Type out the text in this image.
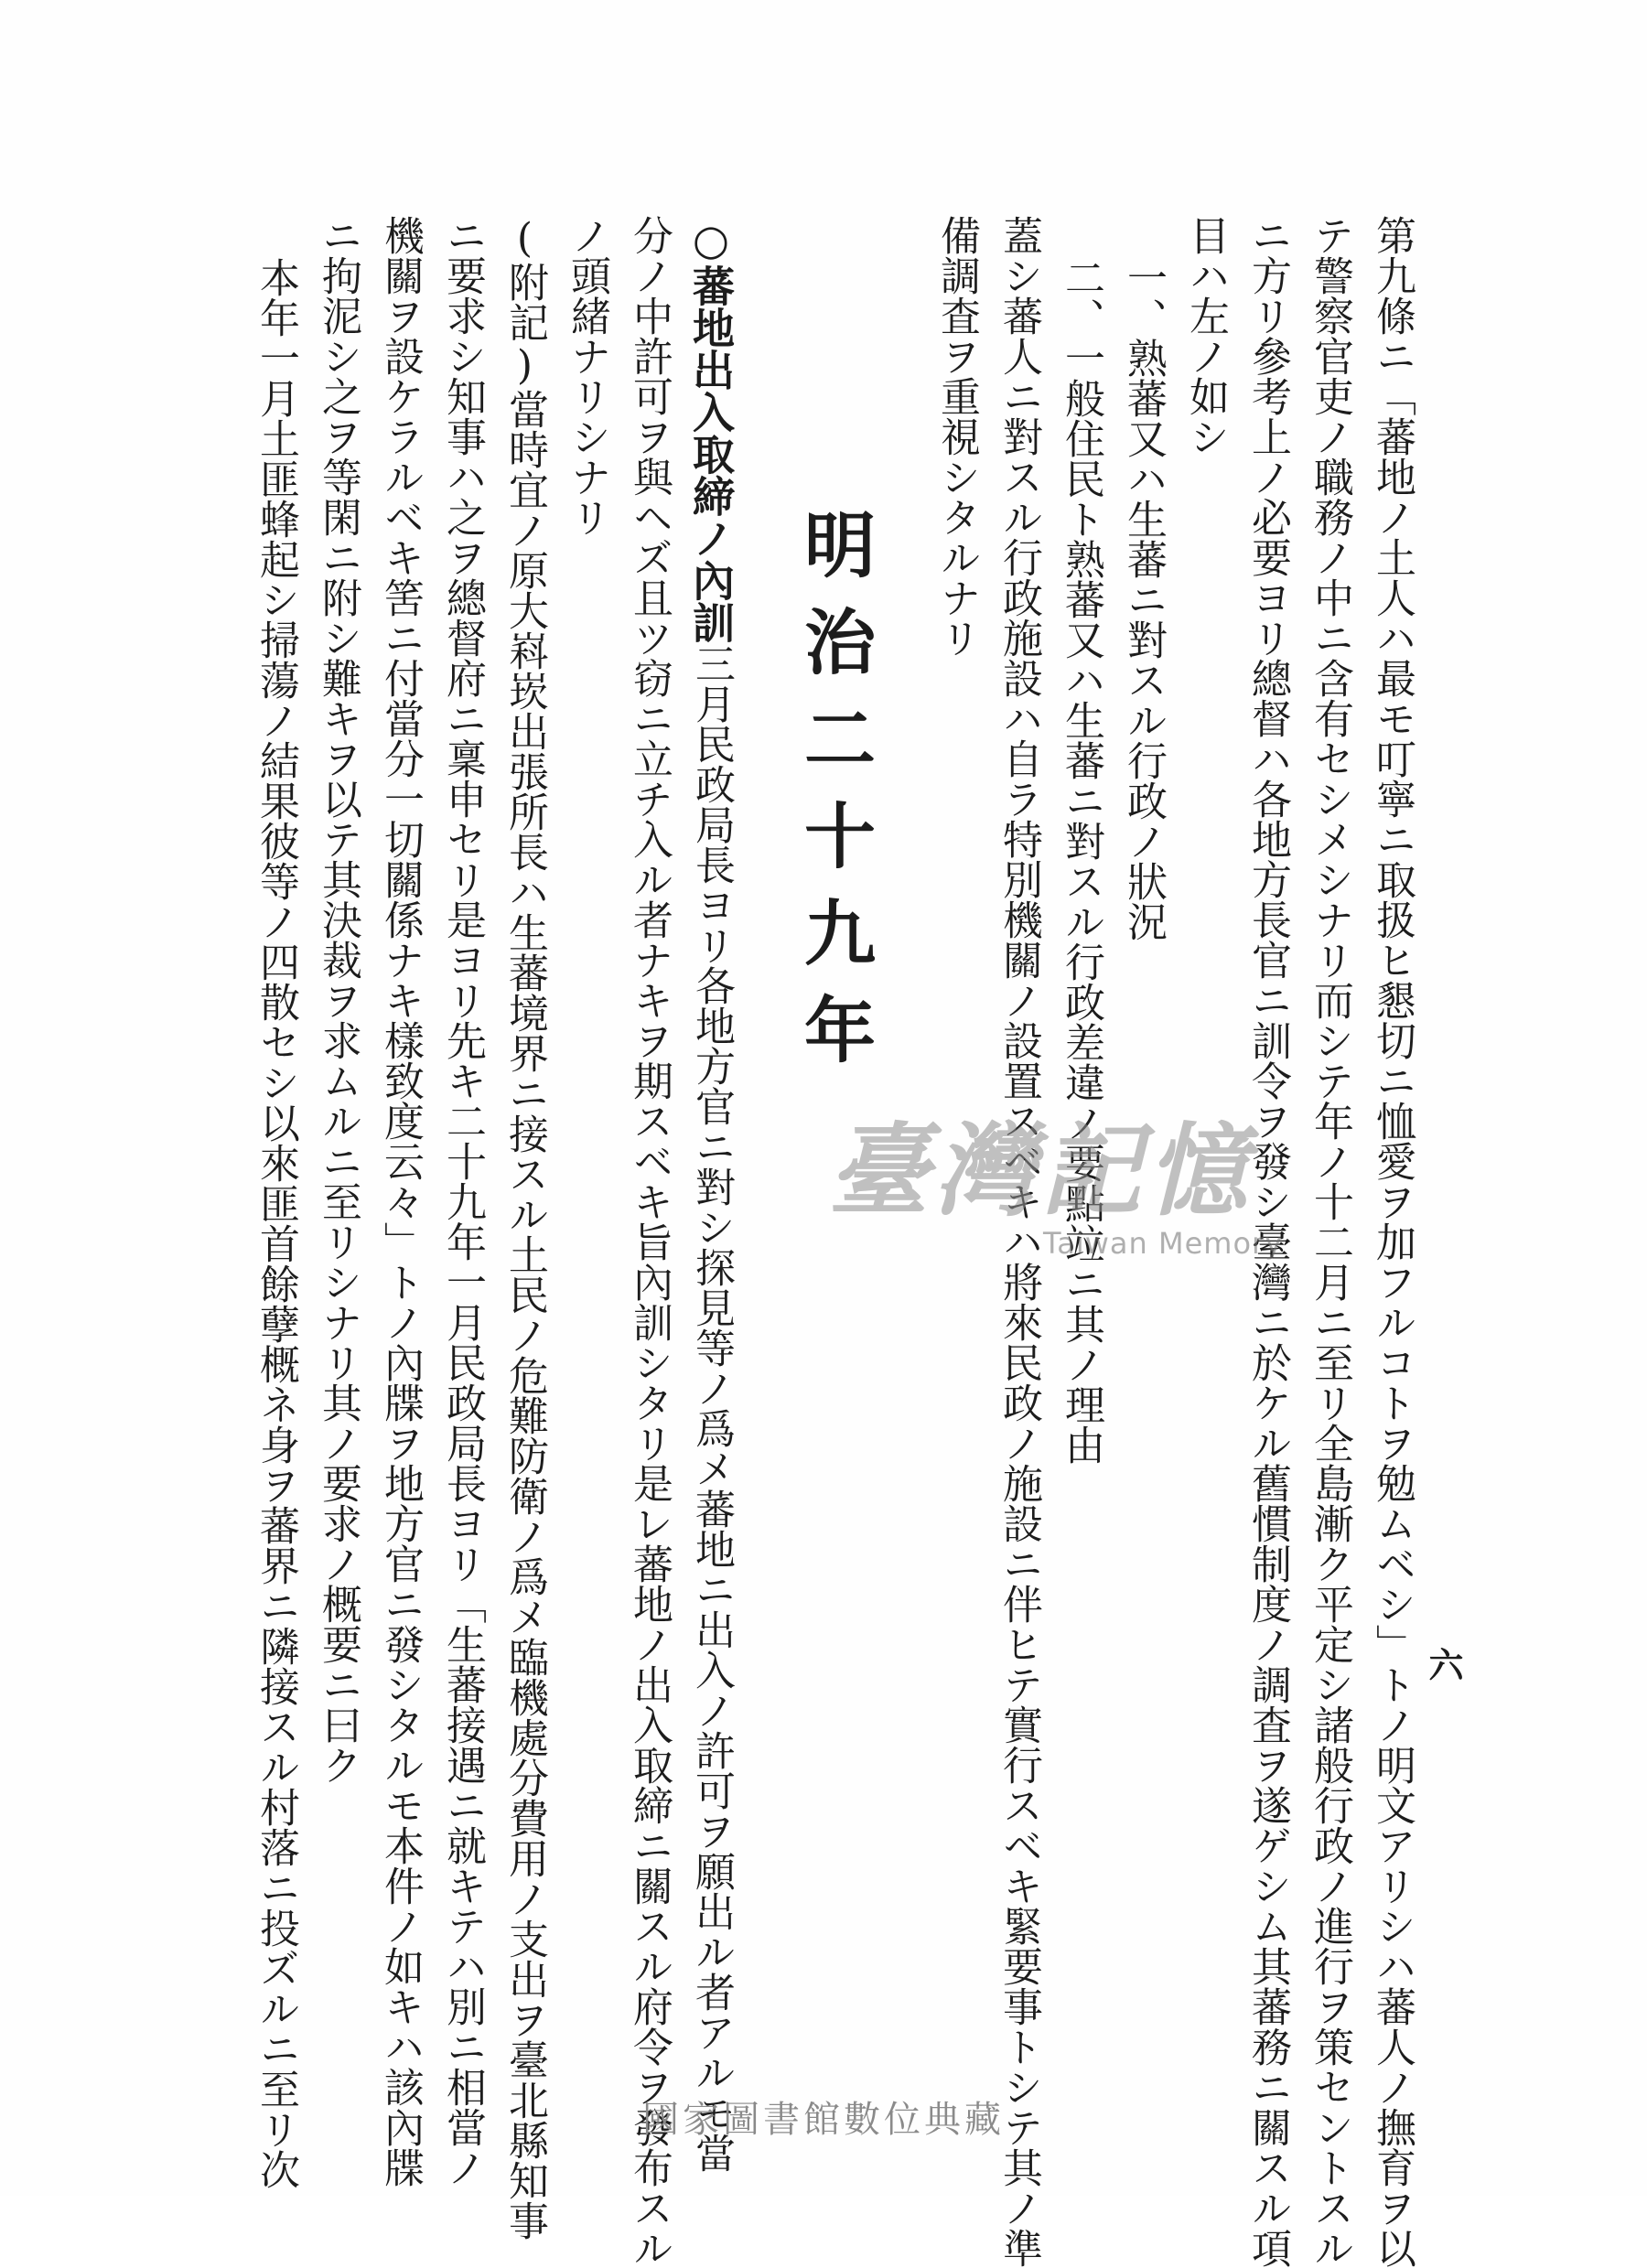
六

第九條ニ「蕃地ノ土人ハ最モ叮寧ニ取扱ヒ懇切ニ恤愛ヲ加フルコトヲ勉ムベシ」トノ明文アリシハ蕃人ノ撫育ヲ以

テ警察官吏ノ職務ノ中ニ含有セシメシナリ而シテ年ノ十二月ニ至リ全島漸ク平定シ諸般行政ノ進行ヲ策セントスル

ニ方リ參考上ノ必要ヨリ總督ハ各地方長官ニ訓令ヲ發シ臺灣ニ於ケル舊慣制度ノ調査ヲ遂ゲシム其蕃務ニ關スル項

目ハ左ノ如シ

一、熟蕃又ハ生蕃ニ對スル行政ノ狀況

二、一般住民ト熟蕃又ハ生蕃ニ對スル行政差違ノ要點竝ニ其ノ理由

蓋シ蕃人ニ對スル行政施設ハ自ラ特別機關ノ設置スベキハ將來民政ノ施設ニ伴ヒテ實行スベキ緊要事トシテ其ノ準

備調査ヲ重視シタルナリ

明治二十九年

○蕃地出入取締ノ內訓三月民政局長ヨリ各地方官ニ對シ探見等ノ爲メ蕃地ニ出入ノ許可ヲ願出ル者アルモ當

分ノ中許可ヲ與ヘズ且ツ窃ニ立チ入ル者ナキヲ期スベキ旨內訓シタリ是レ蕃地ノ出入取締ニ關スル府令ヲ發布スル

ノ頭緒ナリシナリ

(附記)當時宜ノ原大嵙崁出張所長ハ生蕃境界ニ接スル土民ノ危難防衛ノ爲メ臨機處分費用ノ支出ヲ臺北縣知事

ニ要求シ知事ハ之ヲ總督府ニ稟申セリ是ヨリ先キ二十九年一月民政局長ヨリ「生蕃接遇ニ就キテハ別ニ相當ノ

機關ヲ設ケラルベキ筈ニ付當分一切關係ナキ樣致度云々」トノ內牒ヲ地方官ニ發シタルモ本件ノ如キハ該內牒

ニ拘泥シ之ヲ等閑ニ附シ難キヲ以テ其決裁ヲ求ムルニ至リシナリ其ノ要求ノ概要ニ曰ク

本年一月土匪蜂起シ掃蕩ノ結果彼等ノ四散セシ以來匪首餘孽概ネ身ヲ蕃界ニ隣接スル村落ニ投ズルニ至リ次	臺灣記憶
Taiwan Memory
國家圖書館數位典藏
